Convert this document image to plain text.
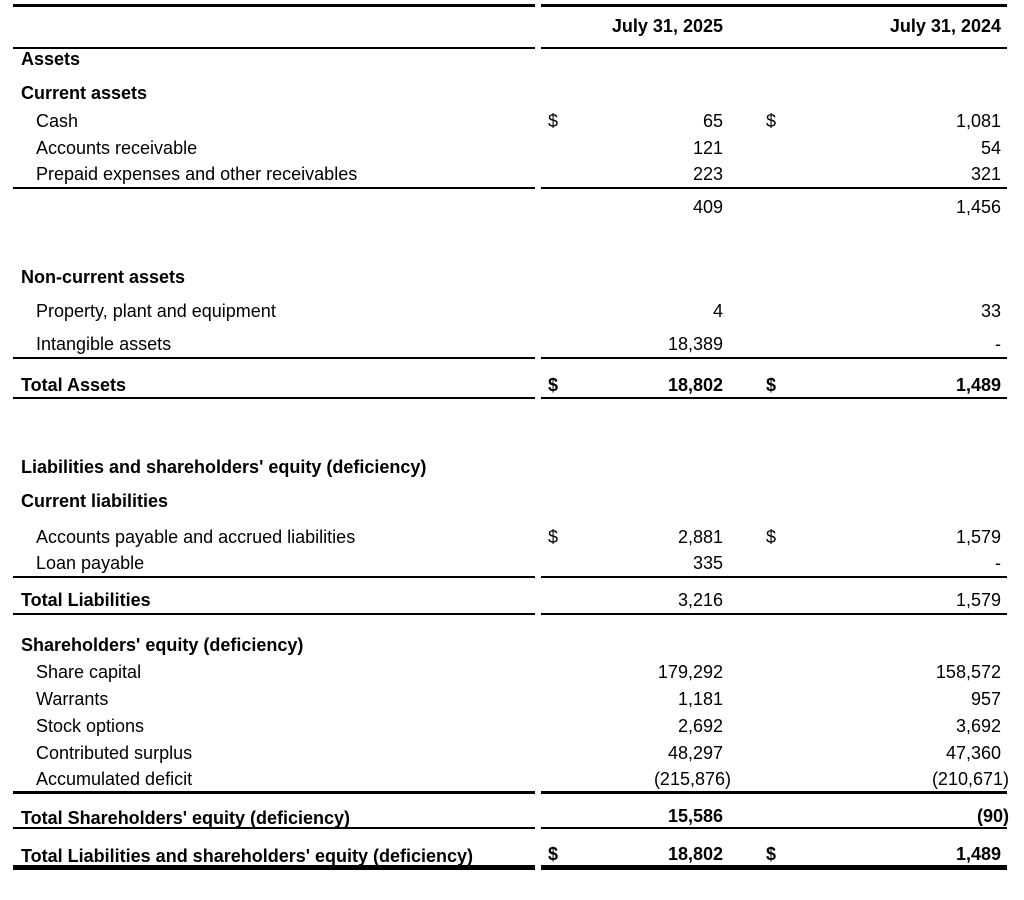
July 31, 2025	July 31, 2024
Assets
Current assets
Cash	$	65	$	1,081
Accounts receivable	121	54
Prepaid expenses and other receivables	223	321
409	1,456
Non-current assets
Property, plant and equipment	4	33
Intangible assets	18,389	-
Total Assets	$	18,802	$	1,489
Liabilities and shareholders' equity (deficiency)
Current liabilities
Accounts payable and accrued liabilities	$	2,881	$	1,579
Loan payable	335	-
Total Liabilities	3,216	1,579
Shareholders' equity (deficiency)
Share capital	179,292	158,572
Warrants	1,181	957
Stock options	2,692	3,692
Contributed surplus	48,297	47,360
Accumulated deficit	(215,876)	(210,671)
Total Shareholders' equity (deficiency)	15,586	(90)
Total Liabilities and shareholders' equity (deficiency)	$	18,802	$	1,489
